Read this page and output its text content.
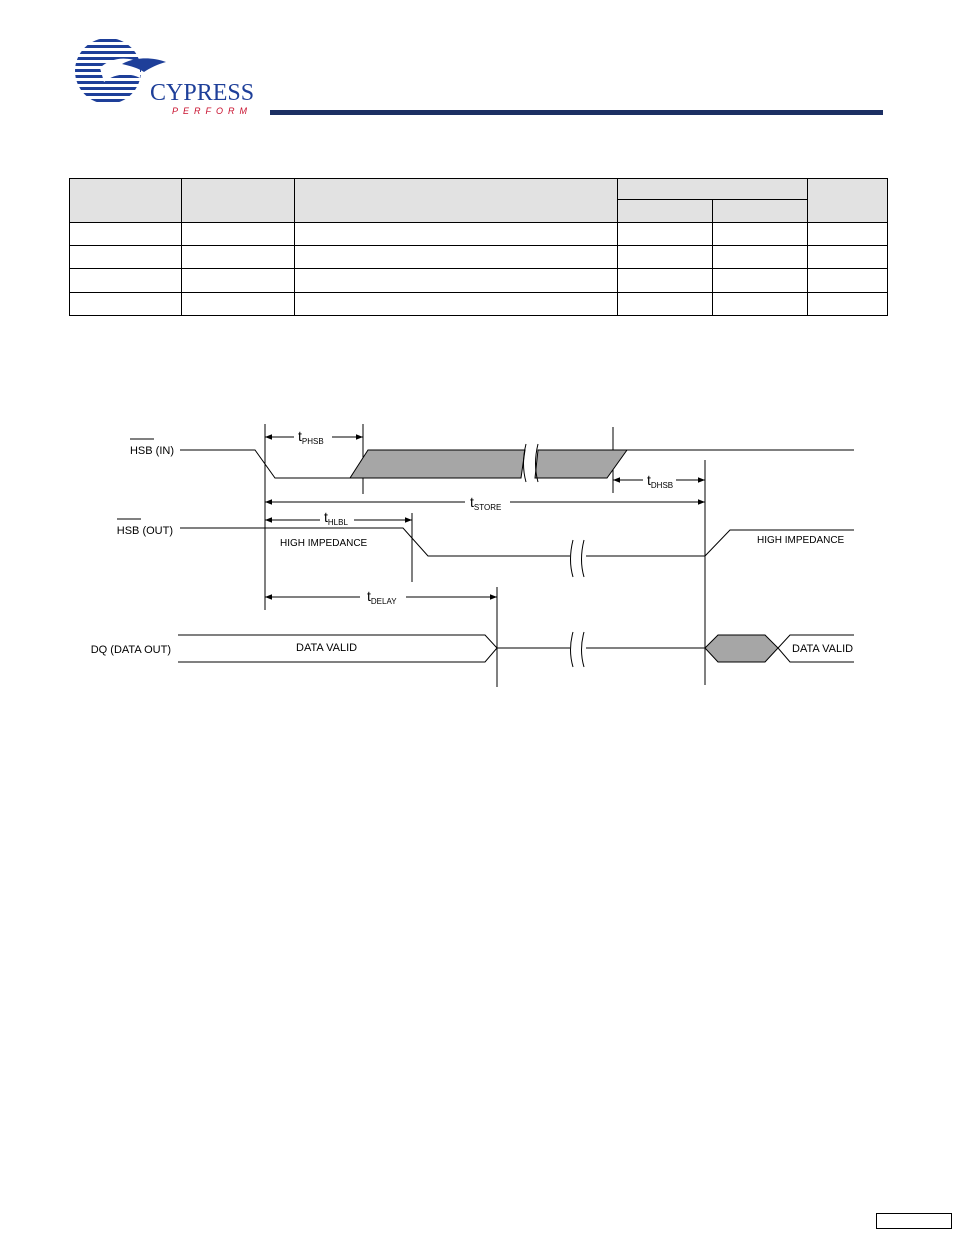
CYPRESS
PERFORM

HSB (IN)
HSB (OUT)
DQ (DATA OUT)
$t_{PHSB}$
$t_{DHSB}$
$t_{STORE}$
$t_{HLBL}$
$t_{DELAY}$
HIGH IMPEDANCE	HIGH IMPEDANCE
DATA VALID	DATA VALID
